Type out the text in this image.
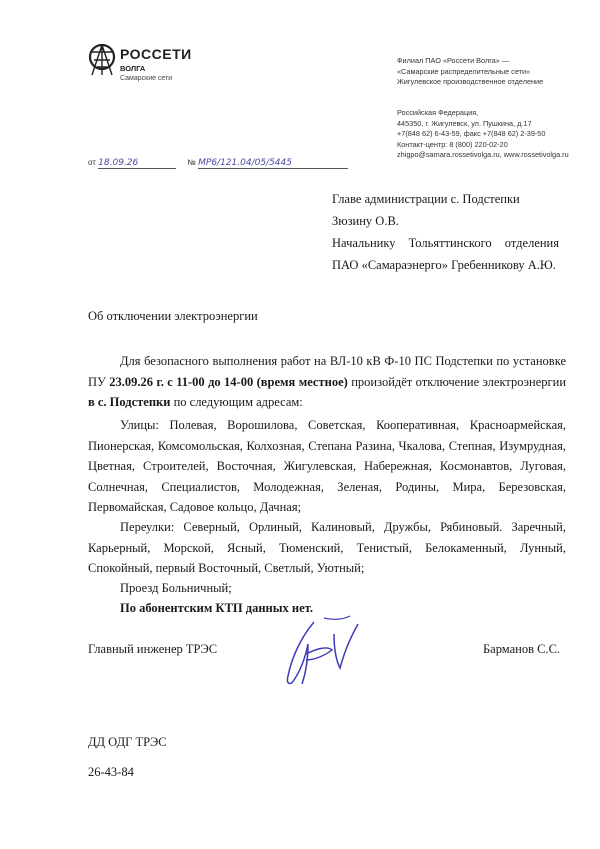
РОССЕТИ
ВОЛГА
Самарские сети
Филиал ПАО «Россети Волга» —
«Самарские распределительные сети»
Жигулевское производственное отделение
Российская Федерация,
445350, г. Жигулевск, ул. Пушкина, д.17
+7(848 62) 6-43-59, факс +7(848 62) 2-39-50
Контакт-центр: 8 (800) 220-02-20
zhigpo@samara.rossetivolga.ru, www.rossetivolga.ru
от 18.09.26	№ МР6/121.04/05/5445
Главе администрации с. Подстепки
Зюзину О.В.
Начальнику Тольяттинского отделения
ПАО «Самараэнерго» Гребенникову А.Ю.
Об отключении электроэнергии
Для безопасного выполнения работ на ВЛ-10 кВ Ф-10 ПС Подстепки по установке ПУ 23.09.26 г. с 11-00 до 14-00 (время местное) произойдёт отключение электроэнергии в с. Подстепки по следующим адресам:
Улицы: Полевая, Ворошилова, Советская, Кооперативная, Красноармейская, Пионерская, Комсомольская, Колхозная, Степана Разина, Чкалова, Степная, Изумрудная, Цветная, Строителей, Восточная, Жигулевская, Набережная, Космонавтов, Луговая, Солнечная, Специалистов, Молодежная, Зеленая, Родины, Мира, Березовская, Первомайская, Садовое кольцо, Дачная;
Переулки: Северный, Орлиный, Калиновый, Дружбы, Рябиновый. Заречный, Карьерный, Морской, Ясный, Тюменский, Тенистый, Белокаменный, Лунный, Спокойный, первый Восточный, Светлый, Уютный;
Проезд Больничный;
По абонентским КТП данных нет.
Главный инженер ТРЭС	Барманов С.С.
ДД ОДГ ТРЭС
26-43-84
